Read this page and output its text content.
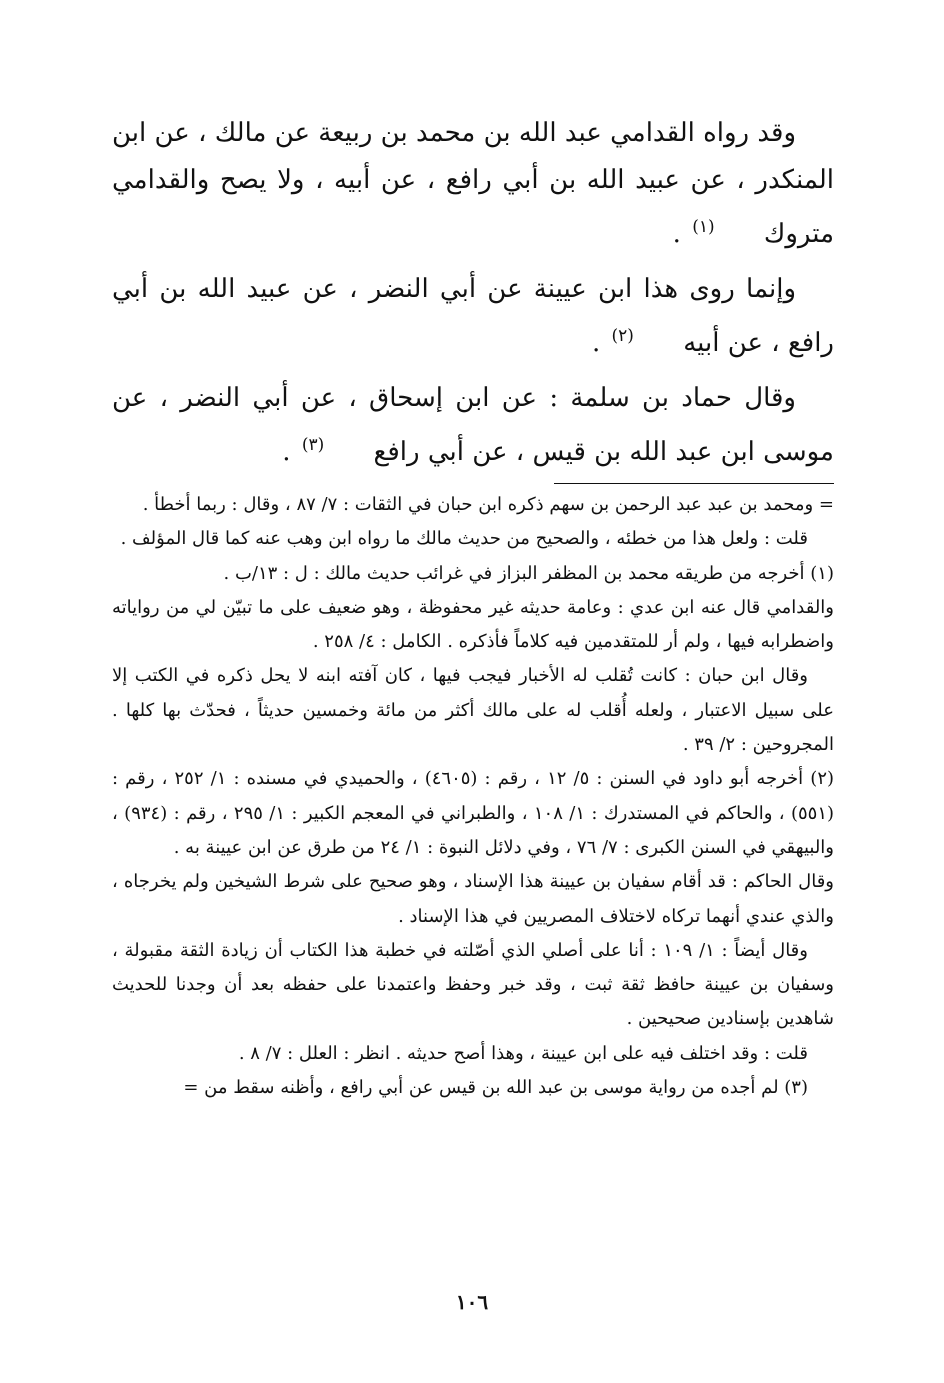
وقد رواه القدامي عبد الله بن محمد بن ربيعة عن مالك ، عن ابن المنكدر ، عن عبيد الله بن أبي رافع ، عن أبيه ، ولا يصح والقدامي متروك (١) .

وإنما روى هذا ابن عيينة عن أبي النضر ، عن عبيد الله بن أبي رافع ، عن أبيه (٢) .

وقال حماد بن سلمة : عن ابن إسحاق ، عن أبي النضر ، عن موسى ابن عبد الله بن قيس ، عن أبي رافع (٣) .

= ومحمد بن عبد عبد الرحمن بن سهم ذكره ابن حبان في الثقات : ٧/ ٨٧ ، وقال : ربما أخطأ .

قلت : ولعل هذا من خطئه ، والصحيح من حديث مالك ما رواه ابن وهب عنه كما قال المؤلف .

(١) أخرجه من طريقه محمد بن المظفر البزاز في غرائب حديث مالك : ل : ١٣/ب .

والقدامي قال عنه ابن عدي : وعامة حديثه غير محفوظة ، وهو ضعيف على ما تبيّن لي من رواياته واضطرابه فيها ، ولم أر للمتقدمين فيه كلاماً فأذكره . الكامل : ٤/ ٢٥٨ .

وقال ابن حبان : كانت تُقلب له الأخبار فيجب فيها ، كان آفته ابنه لا يحل ذكره في الكتب إلا على سبيل الاعتبار ، ولعله أُقلب له على مالك أكثر من مائة وخمسين حديثاً ، فحدّث بها كلها . المجروحين : ٢/ ٣٩ .

(٢) أخرجه أبو داود في السنن : ٥/ ١٢ ، رقم : (٤٦٠٥) ، والحميدي في مسنده : ١/ ٢٥٢ ، رقم : (٥٥١) ، والحاكم في المستدرك : ١/ ١٠٨ ، والطبراني في المعجم الكبير : ١/ ٢٩٥ ، رقم : (٩٣٤) ، والبيهقي في السنن الكبرى : ٧/ ٧٦ ، وفي دلائل النبوة : ١/ ٢٤ من طرق عن ابن عيينة به .

وقال الحاكم : قد أقام سفيان بن عيينة هذا الإسناد ، وهو صحيح على شرط الشيخين ولم يخرجاه ، والذي عندي أنهما تركاه لاختلاف المصريين في هذا الإسناد .

وقال أيضاً : ١/ ١٠٩ : أنا على أصلي الذي أصّلته في خطبة هذا الكتاب أن زيادة الثقة مقبولة ، وسفيان بن عيينة حافظ ثقة ثبت ، وقد خبر وحفظ واعتمدنا على حفظه بعد أن وجدنا للحديث شاهدين بإسنادين صحيحين .

قلت : وقد اختلف فيه على ابن عيينة ، وهذا أصح حديثه . انظر : العلل : ٧/ ٨ .

(٣) لم أجده من رواية موسى بن عبد الله بن قيس عن أبي رافع ، وأظنه سقط من =

١٠٦
